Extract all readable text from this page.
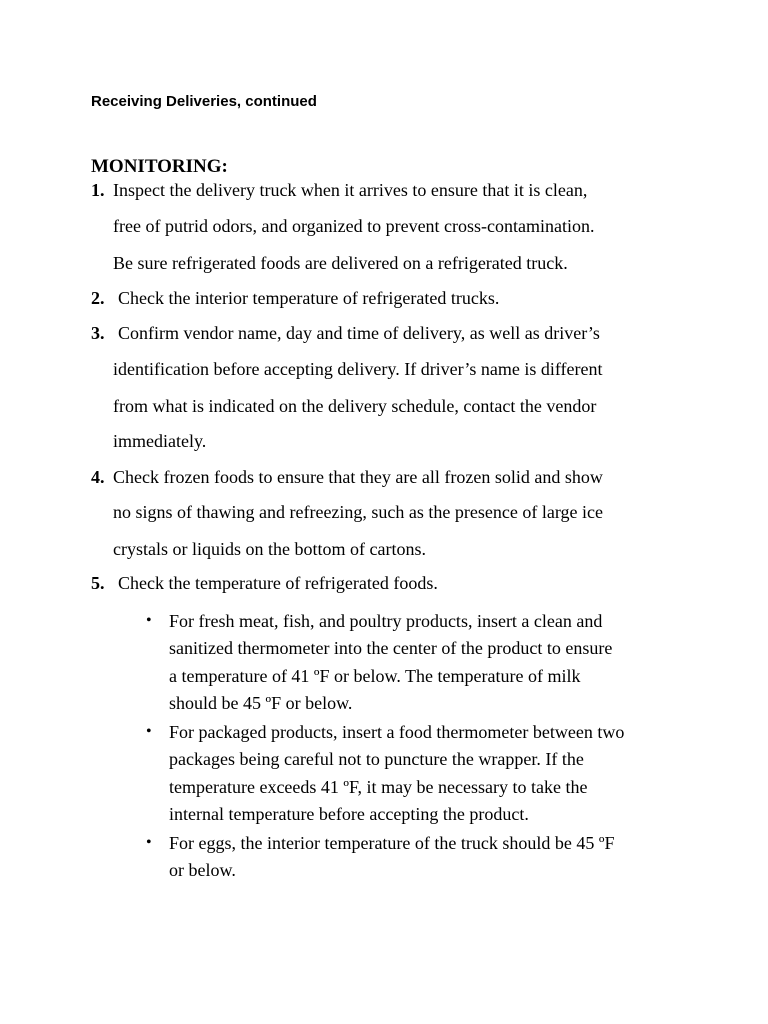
Receiving Deliveries, continued
MONITORING:
1. Inspect the delivery truck when it arrives to ensure that it is clean,
free of putrid odors, and organized to prevent cross-contamination.
Be sure refrigerated foods are delivered on a refrigerated truck.
2. Check the interior temperature of refrigerated trucks.
3. Confirm vendor name, day and time of delivery, as well as driver’s
identification before accepting delivery. If driver’s name is different
from what is indicated on the delivery schedule, contact the vendor
immediately.
4. Check frozen foods to ensure that they are all frozen solid and show
no signs of thawing and refreezing, such as the presence of large ice
crystals or liquids on the bottom of cartons.
5. Check the temperature of refrigerated foods.
• For fresh meat, fish, and poultry products, insert a clean and
sanitized thermometer into the center of the product to ensure
a temperature of 41 ºF or below. The temperature of milk
should be 45 ºF or below.
• For packaged products, insert a food thermometer between two
packages being careful not to puncture the wrapper. If the
temperature exceeds 41 ºF, it may be necessary to take the
internal temperature before accepting the product.
• For eggs, the interior temperature of the truck should be 45 ºF
or below.
